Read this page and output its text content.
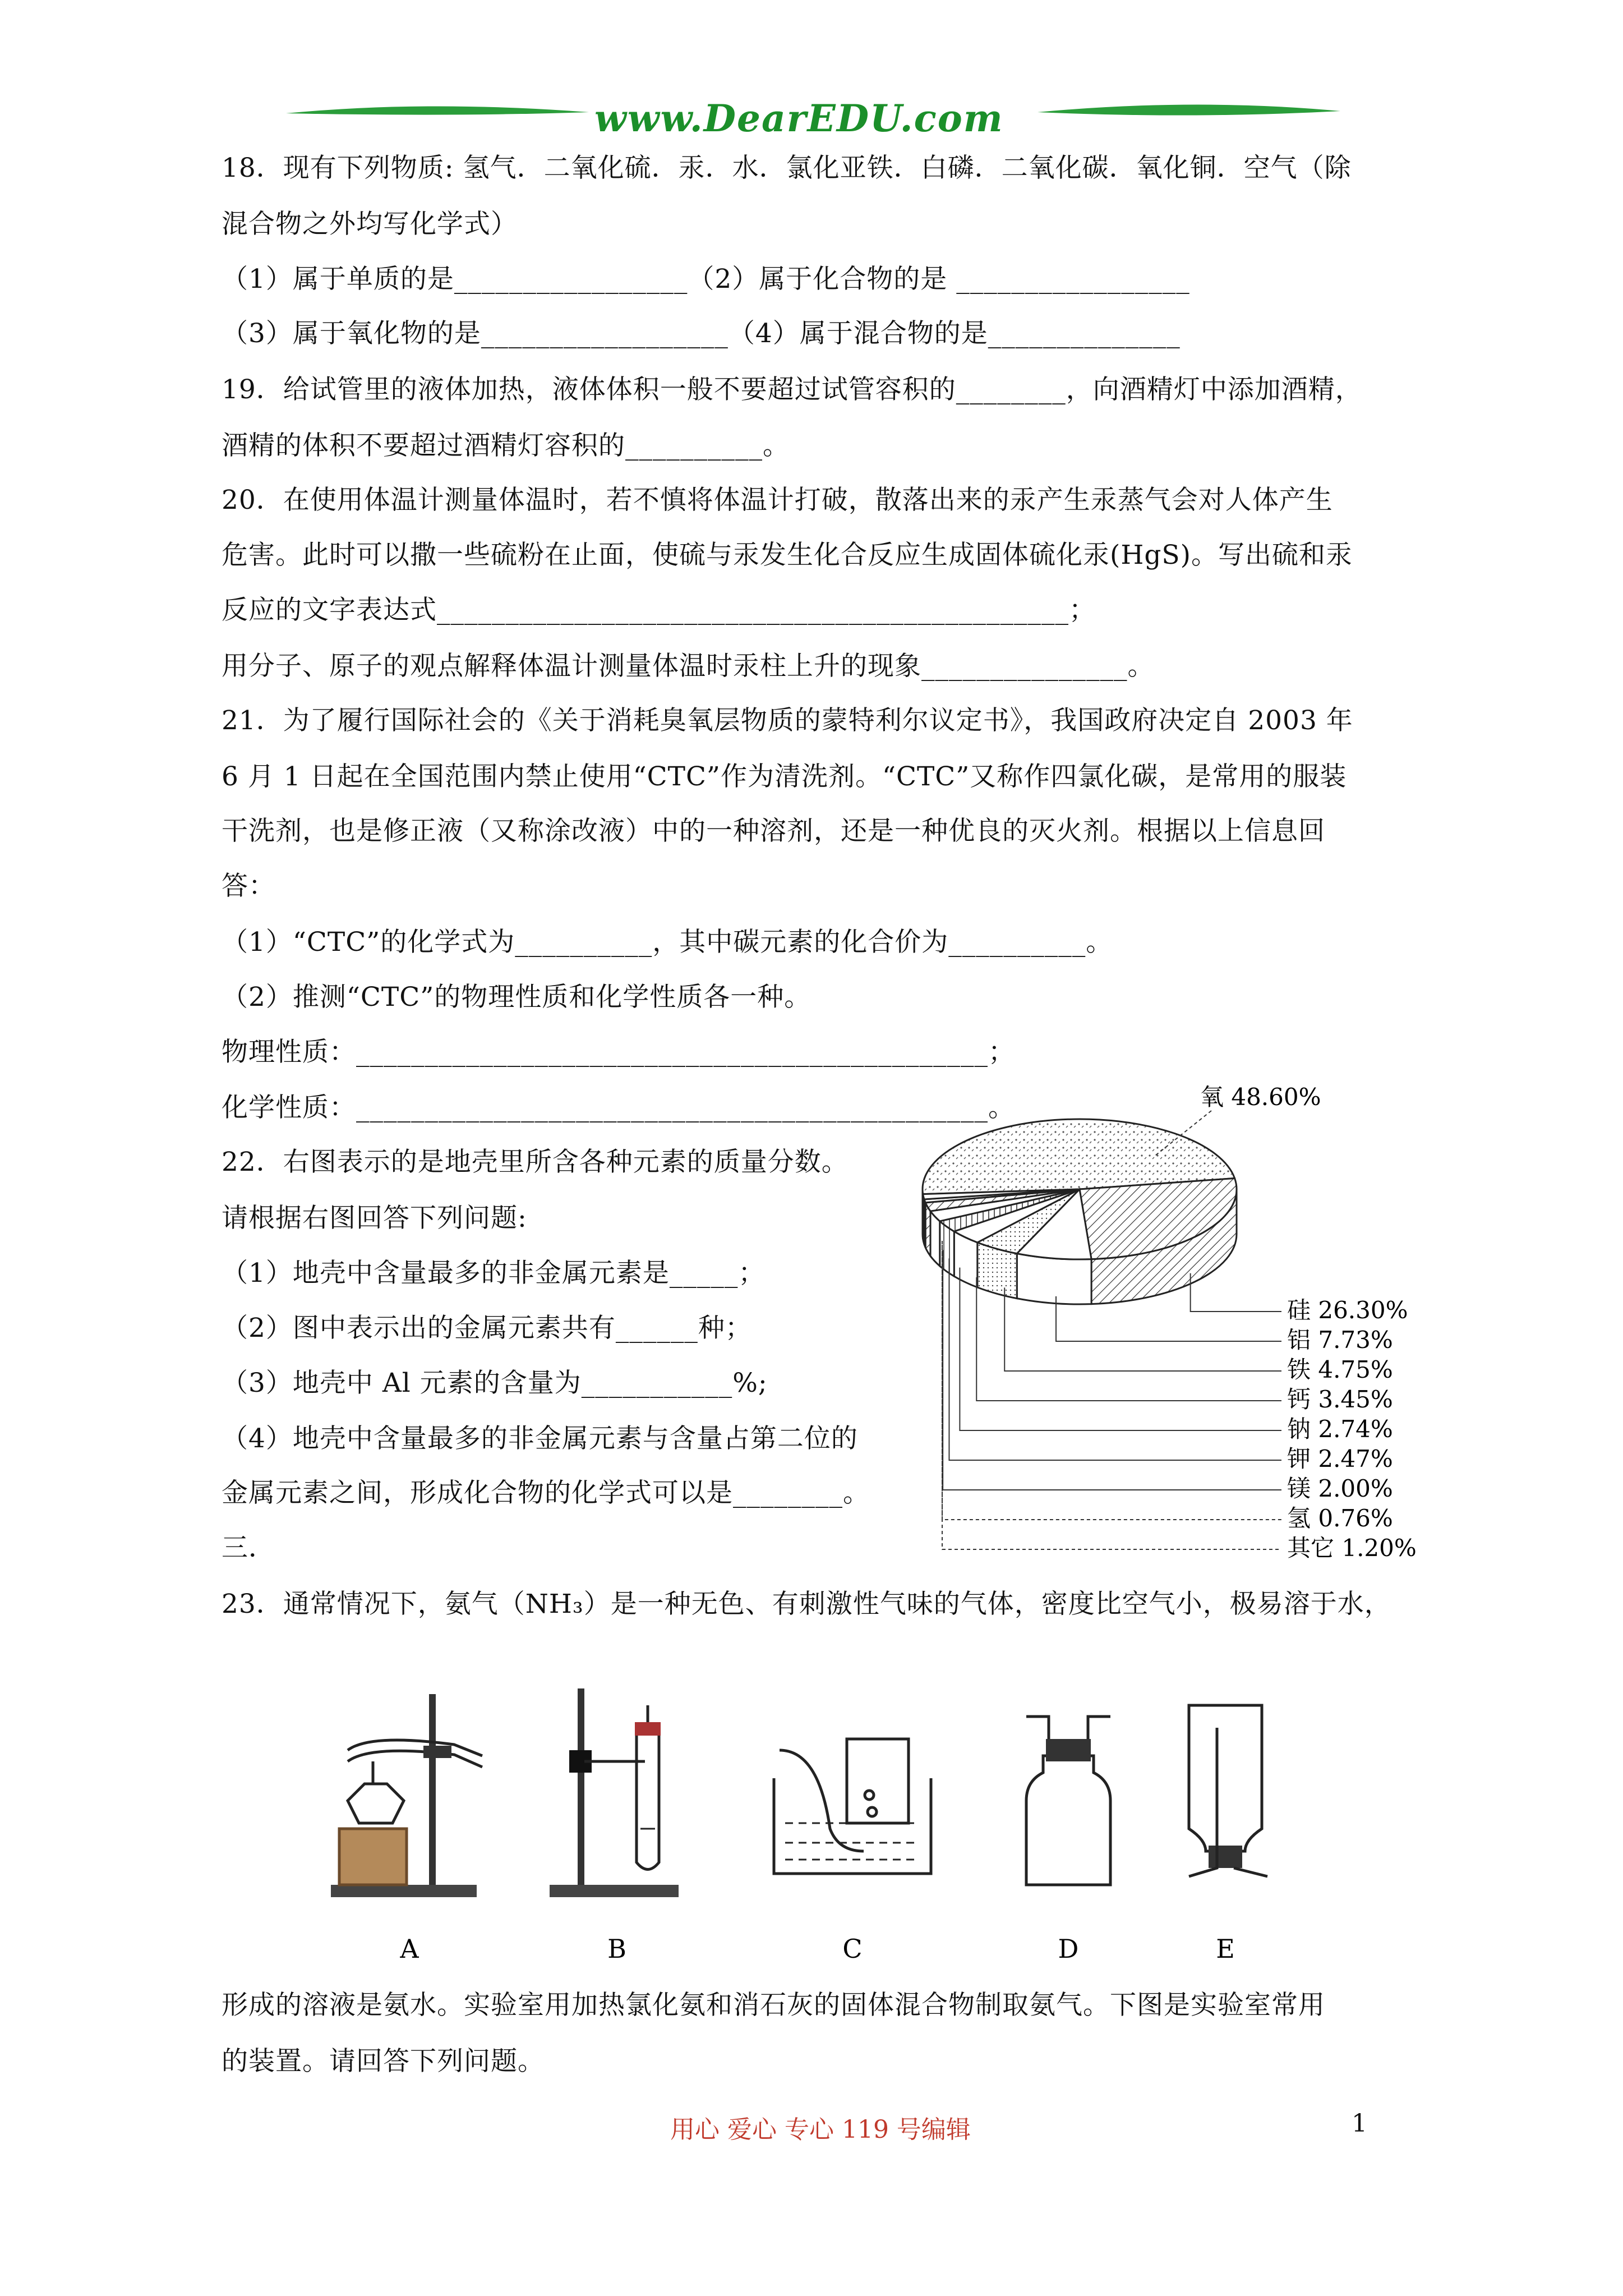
www.DearEDU.com
18．现有下列物质: 氢气．二氧化硫．汞．水．氯化亚铁．白磷．二氧化碳．氧化铜．空气（除
混合物之外均写化学式）
（1）属于单质的是_________________（2）属于化合物的是 _________________
（3）属于氧化物的是__________________（4）属于混合物的是______________
19．给试管里的液体加热，液体体积一般不要超过试管容积的________，向酒精灯中添加酒精，
酒精的体积不要超过酒精灯容积的__________。
20．在使用体温计测量体温时，若不慎将体温计打破，散落出来的汞产生汞蒸气会对人体产生
危害。此时可以撒一些硫粉在止面，使硫与汞发生化合反应生成固体硫化汞(HgS)。写出硫和汞
反应的文字表达式______________________________________________；
用分子、原子的观点解释体温计测量体温时汞柱上升的现象_______________。
21．为了履行国际社会的《关于消耗臭氧层物质的蒙特利尔议定书》，我国政府决定自 2003 年
6 月 1 日起在全国范围内禁止使用“CTC”作为清洗剂。“CTC”又称作四氯化碳，是常用的服装
干洗剂，也是修正液（又称涂改液）中的一种溶剂，还是一种优良的灭火剂。根据以上信息回
答：
（1）“CTC”的化学式为__________，其中碳元素的化合价为__________。
（2）推测“CTC”的物理性质和化学性质各一种。
物理性质：______________________________________________；
化学性质：______________________________________________。
22．右图表示的是地壳里所含各种元素的质量分数。
请根据右图回答下列问题:
（1）地壳中含量最多的非金属元素是_____；
（2）图中表示出的金属元素共有______种；
（3）地壳中 Al 元素的含量为___________%;
（4）地壳中含量最多的非金属元素与含量占第二位的
金属元素之间，形成化合物的化学式可以是________。
三．
23．通常情况下，氨气（NH₃）是一种无色、有刺激性气味的气体，密度比空气小，极易溶于水，
形成的溶液是氨水。实验室用加热氯化氨和消石灰的固体混合物制取氨气。下图是实验室常用
的装置。请回答下列问题。
氧 48.60%
硅 26.30%
铝 7.73%
铁 4.75%
钙 3.45%
钠 2.74%
钾 2.47%
镁 2.00%
氢 0.76%
其它 1.20%
A	B	C	D	E
用心 爱心 专心 119 号编辑	1
